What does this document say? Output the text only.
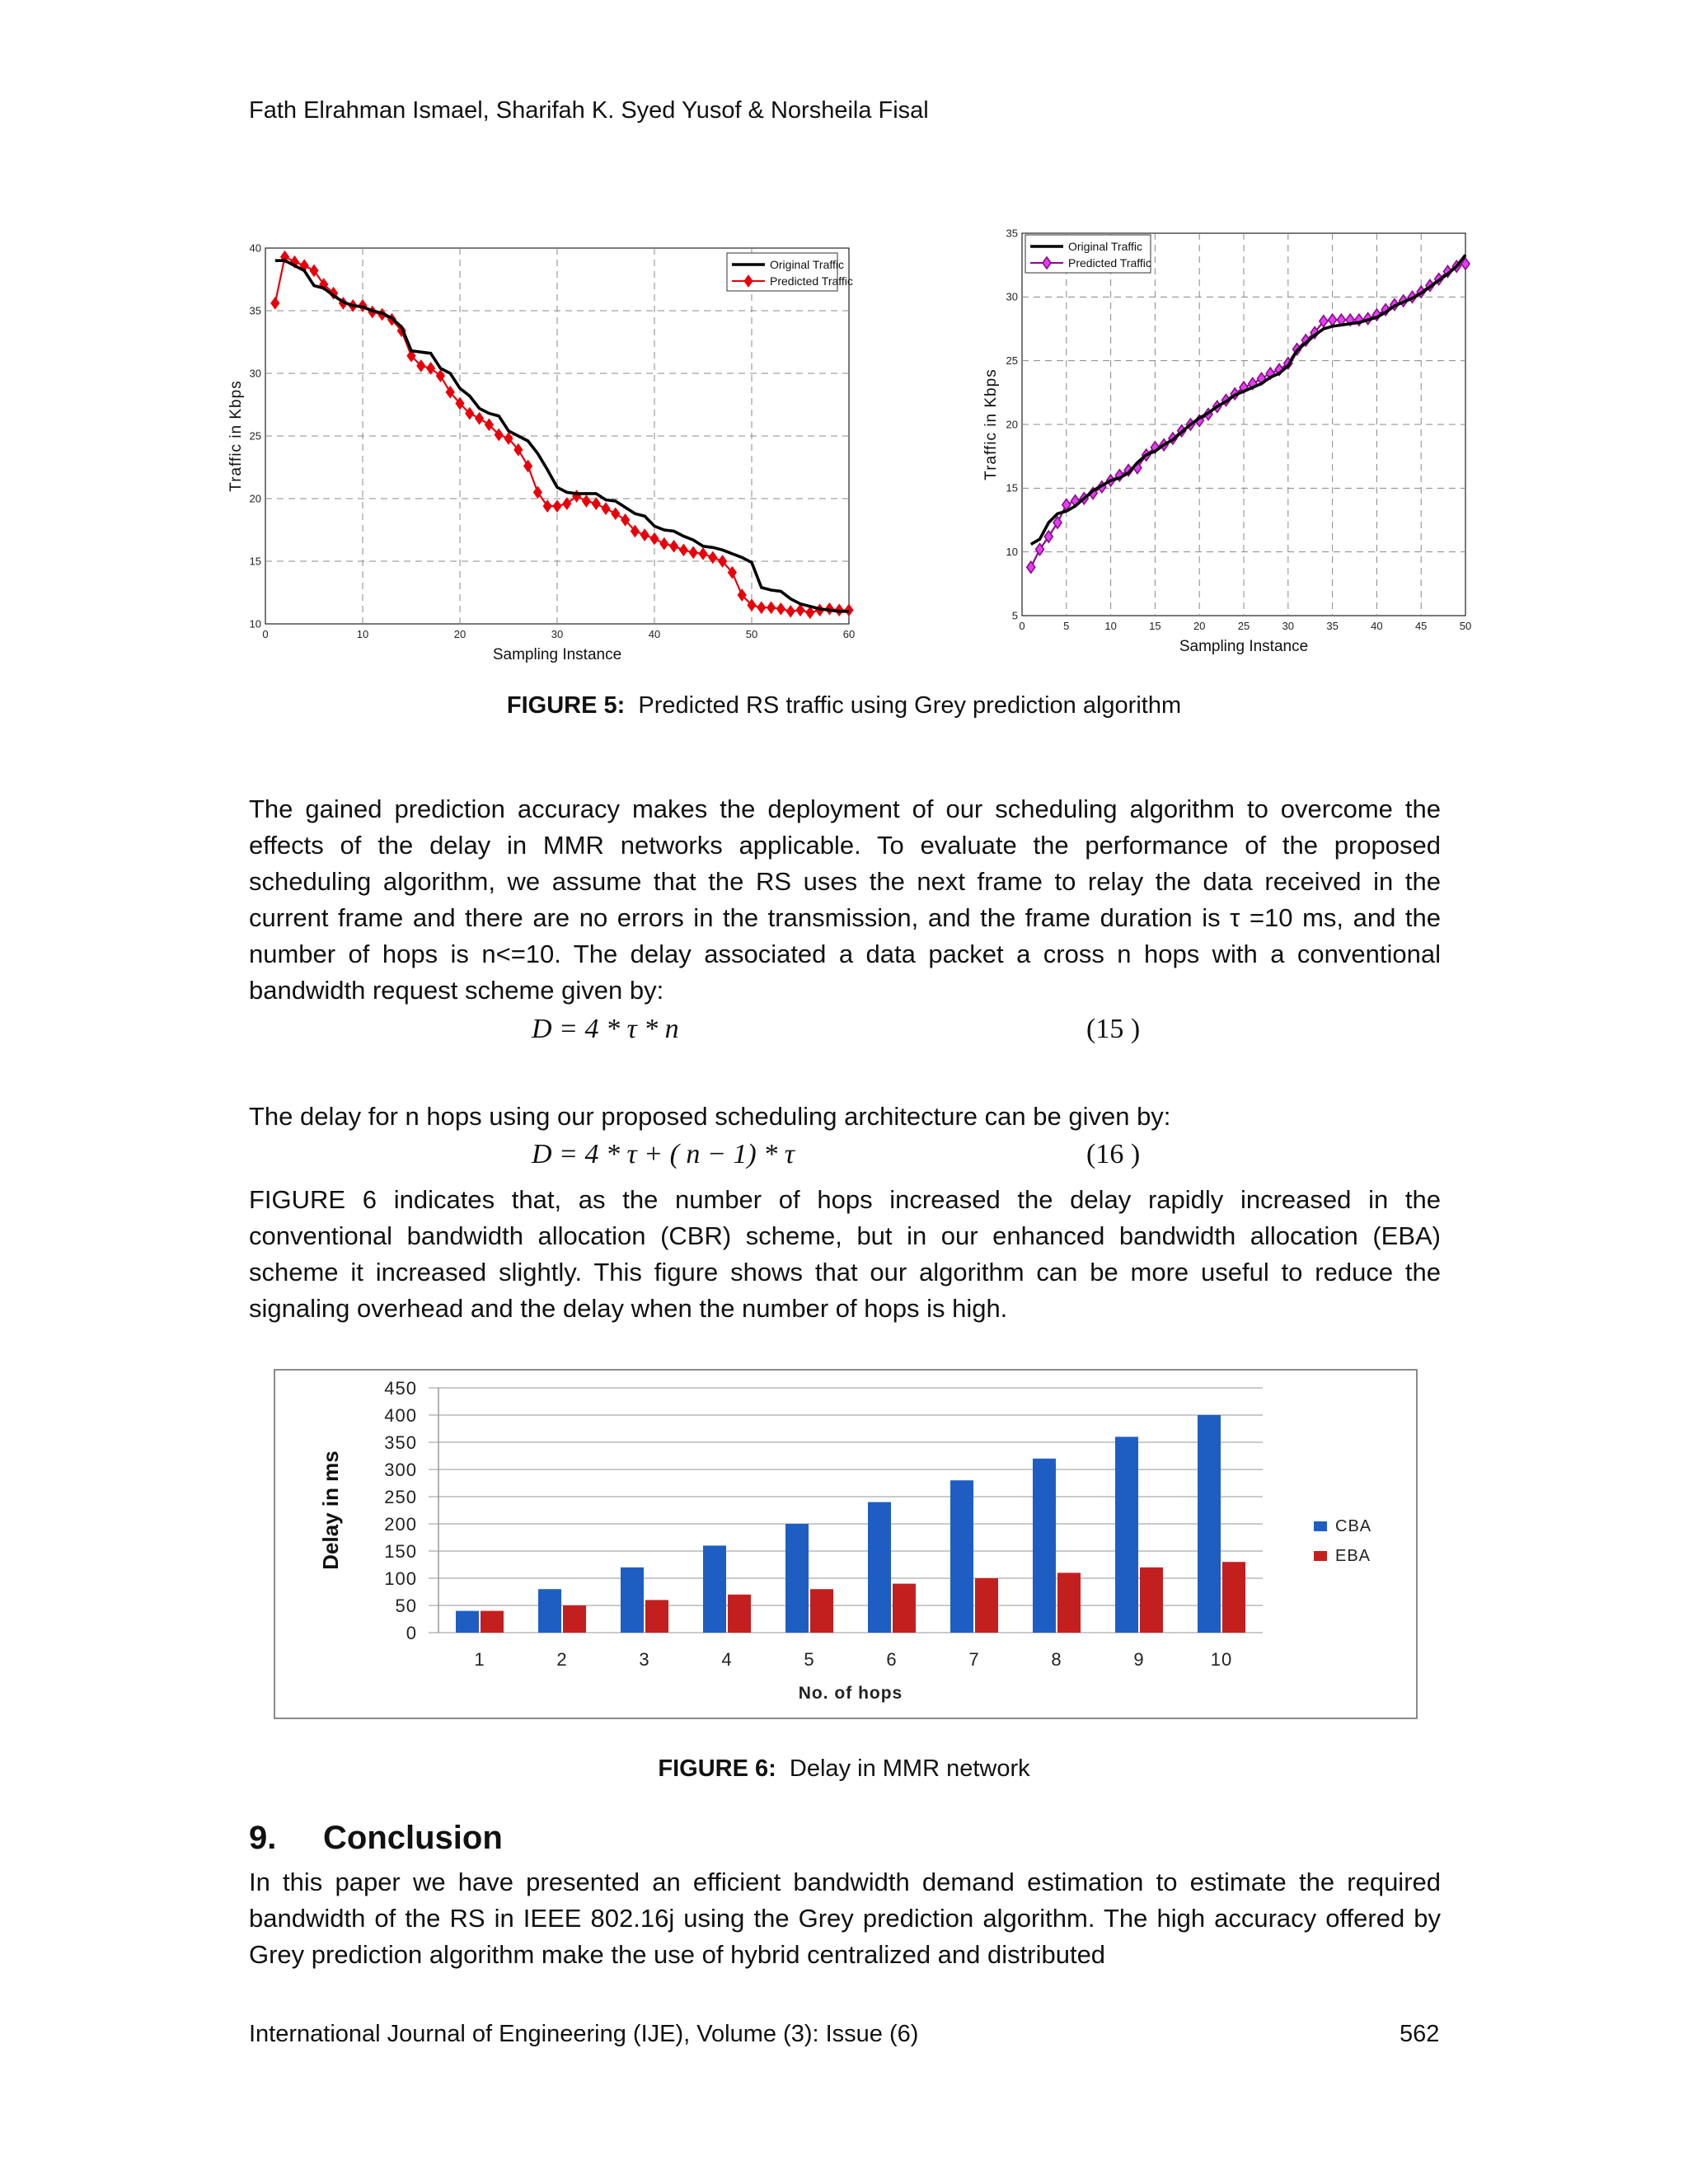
Fath Elrahman Ismael, Sharifah K. Syed Yusof & Norsheila Fisal
0	10	20	30	40	50	60
10
15
20
25
30
35
40
Sampling Instance
Traffic in Kbps
Original Traffic
Predicted Traffic
0	5	10	15	20	25	30	35	40	45	50
5
10
15
20
25
30
35
Sampling Instance
Traffic in Kbps
Original Traffic
Predicted Traffic
FIGURE 5: Predicted RS traffic using Grey prediction algorithm
The gained prediction accuracy makes the deployment of our scheduling algorithm to overcome the effects of the delay in MMR networks applicable. To evaluate the performance of the proposed scheduling algorithm, we assume that the RS uses the next frame to relay the data received in the current frame and there are no errors in the transmission, and the frame duration is τ =10 ms, and the number of hops is n<=10. The delay associated a data packet a cross n hops with a conventional bandwidth request scheme given by:
D = 4 * τ * n	(15 )
The delay for n hops using our proposed scheduling architecture can be given by:
D = 4 * τ + ( n − 1) * τ	(16 )
FIGURE 6 indicates that, as the number of hops increased the delay rapidly increased in the conventional bandwidth allocation (CBR) scheme, but in our enhanced bandwidth allocation (EBA) scheme it increased slightly. This figure shows that our algorithm can be more useful to reduce the signaling overhead and the delay when the number of hops is high.
0
50
100
150
200
250
300
350
400
450
1	2	3	4	5	6	7	8	9	10
No. of hops
Delay in ms	CBA
EBA
FIGURE 6: Delay in MMR network
9. Conclusion
In this paper we have presented an efficient bandwidth demand estimation to estimate the required bandwidth of the RS in IEEE 802.16j using the Grey prediction algorithm. The high accuracy offered by Grey prediction algorithm make the use of hybrid centralized and distributed
International Journal of Engineering (IJE), Volume (3): Issue (6)	562
